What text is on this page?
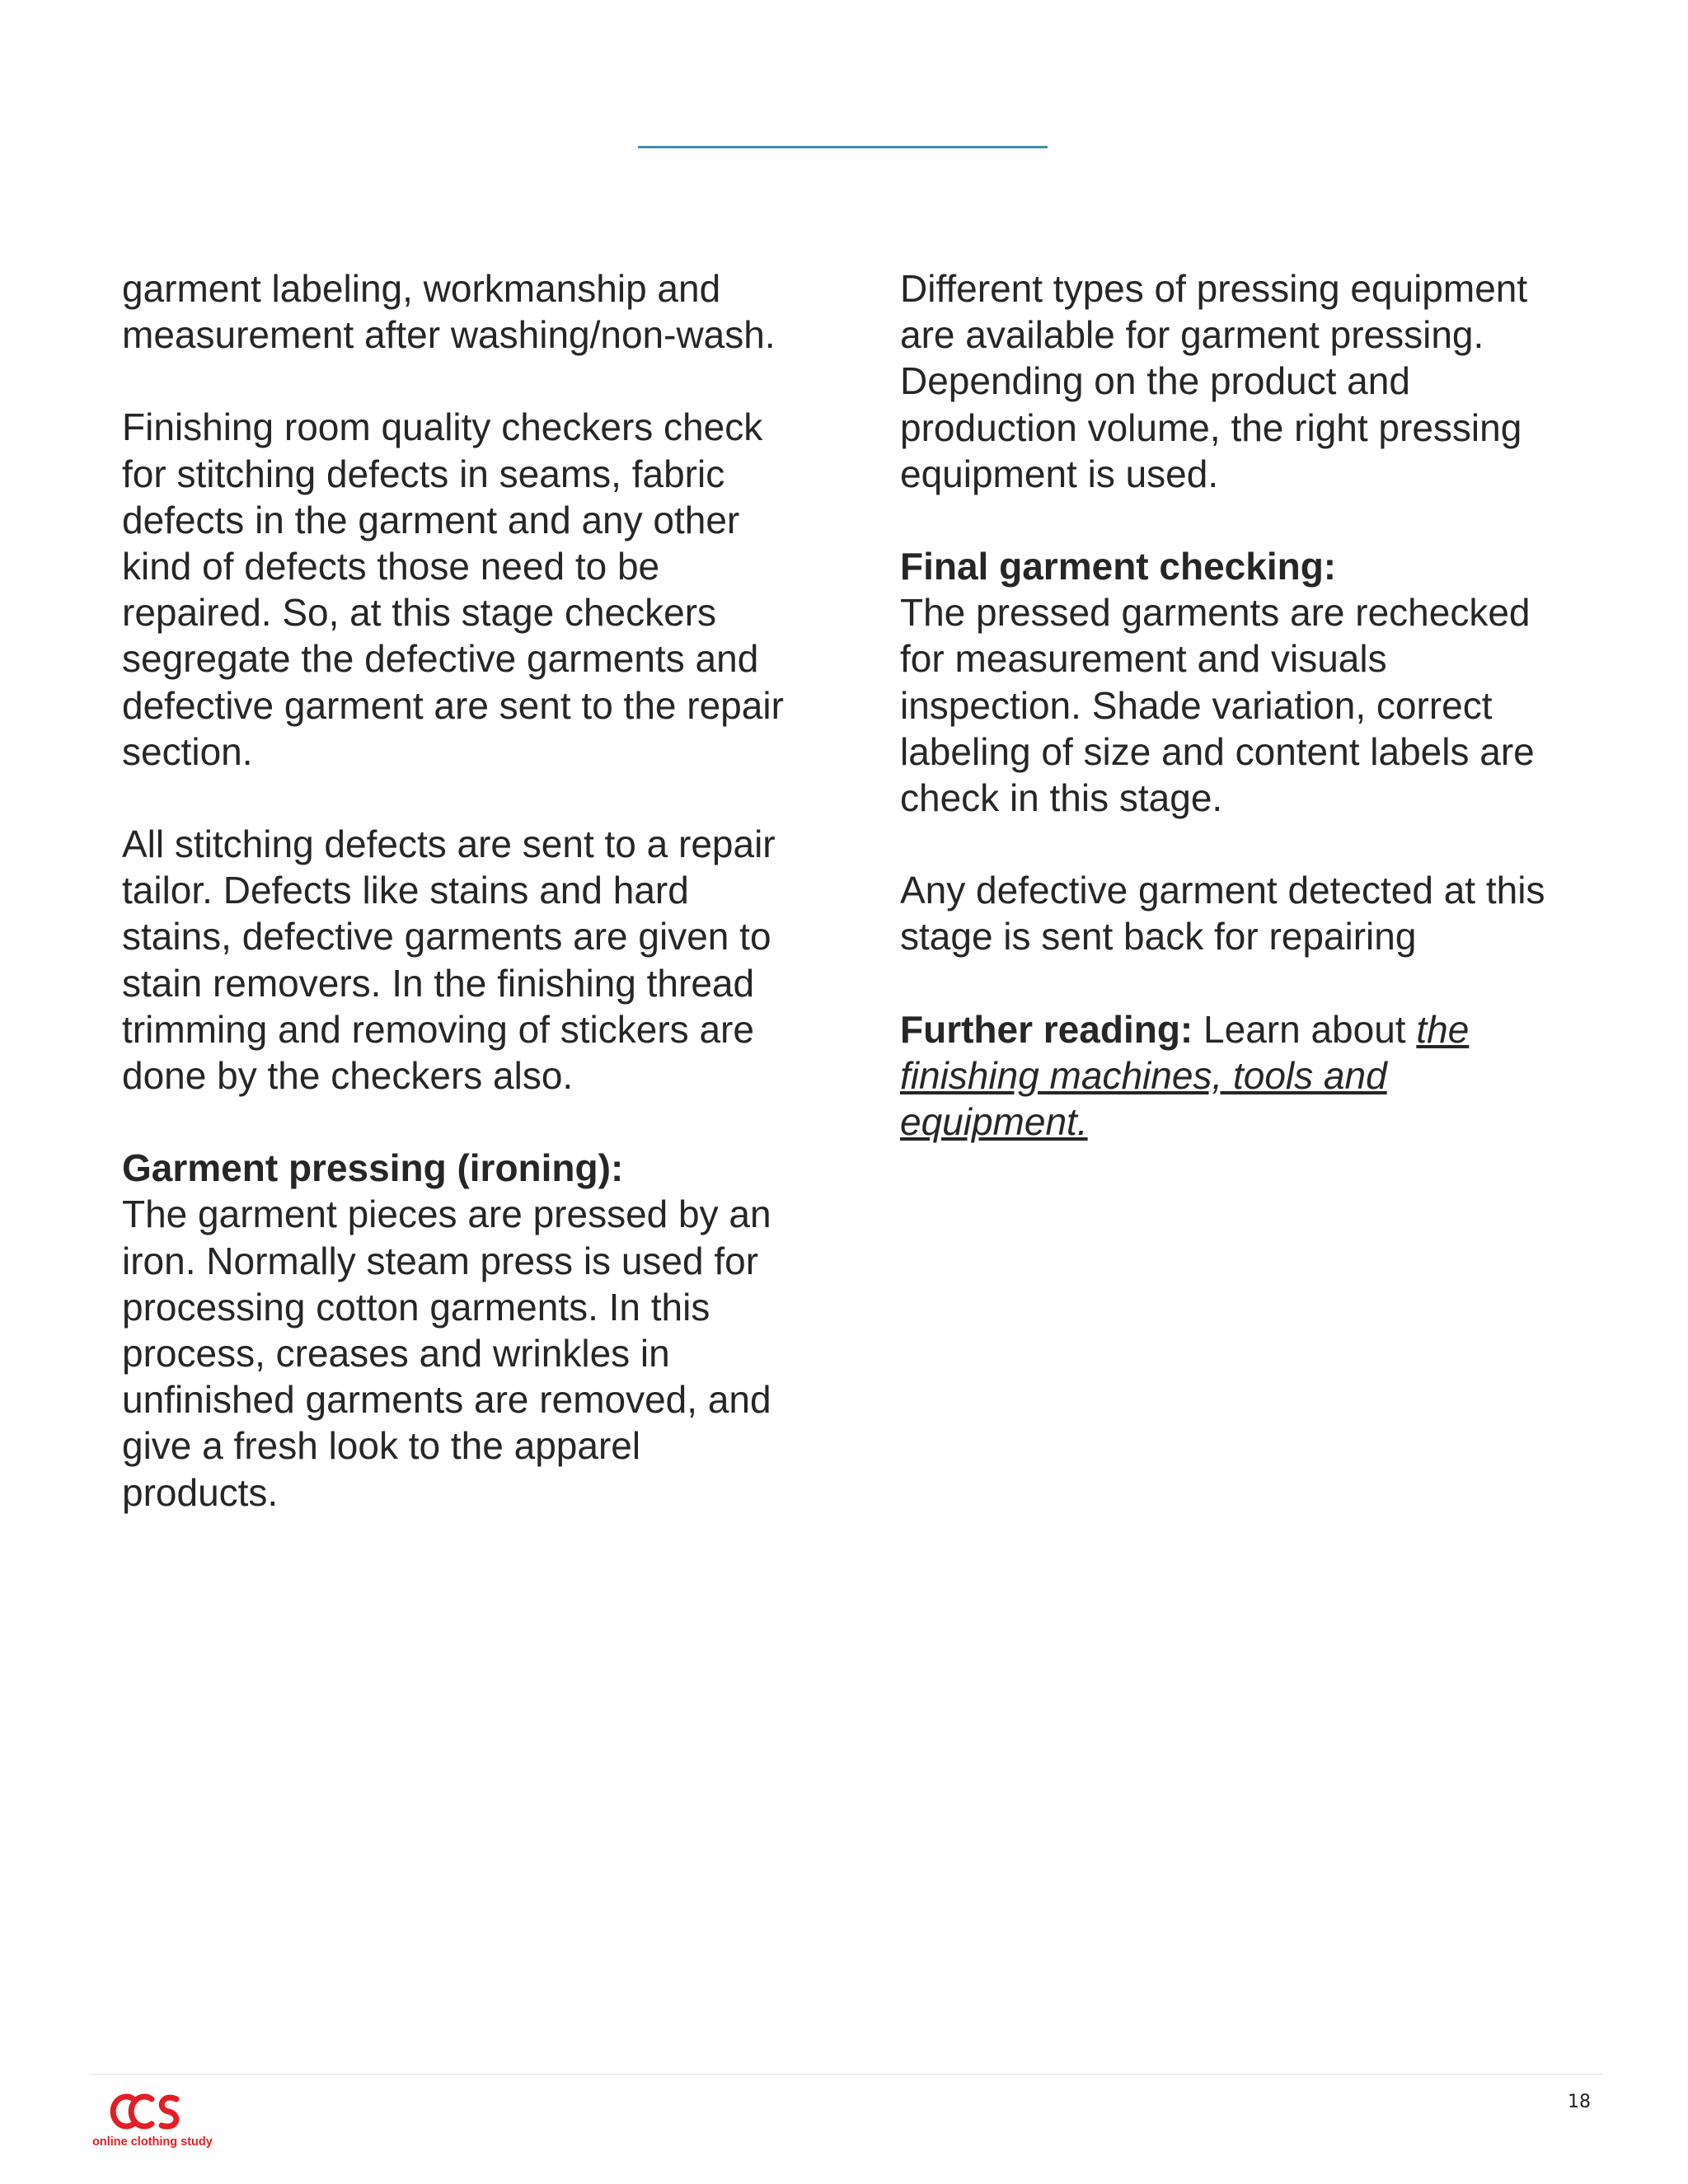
garment labeling, workmanship and measurement after washing/non-wash.

Finishing room quality checkers check for stitching defects in seams, fabric defects in the garment and any other kind of defects those need to be repaired. So, at this stage checkers segregate the defective garments and defective garment are sent to the repair section.

All stitching defects are sent to a repair tailor. Defects like stains and hard stains, defective garments are given to stain removers. In the finishing thread trimming and removing of stickers are done by the checkers also.

Garment pressing (ironing):
The garment pieces are pressed by an iron. Normally steam press is used for processing cotton garments. In this process, creases and wrinkles in unfinished garments are removed, and give a fresh look to the apparel products.

Different types of pressing equipment are available for garment pressing. Depending on the product and production volume, the right pressing equipment is used.

Final garment checking:
The pressed garments are rechecked for measurement and visuals inspection. Shade variation, correct labeling of size and content labels are check in this stage.

Any defective garment detected at this stage is sent back for repairing

Further reading: Learn about the finishing machines, tools and equipment.

online clothing study
18
